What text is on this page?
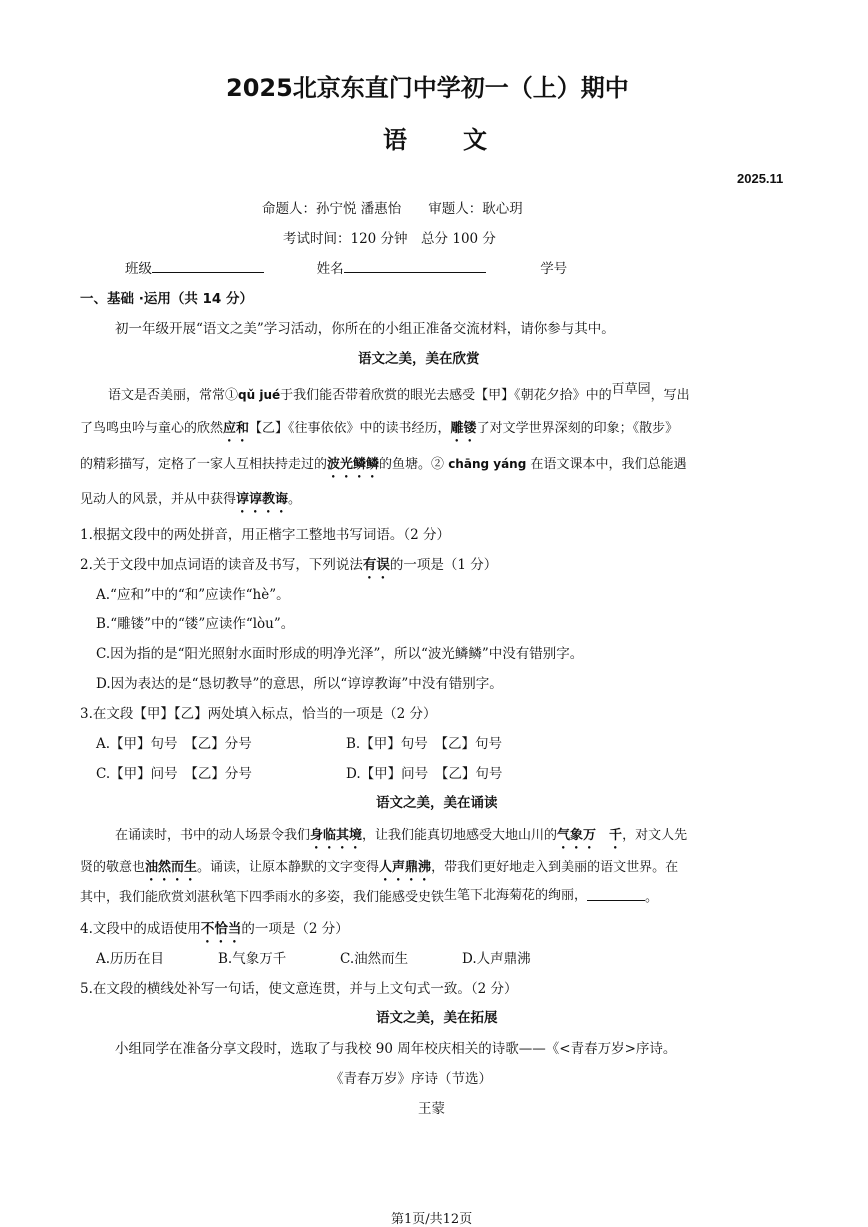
2025北京东直门中学初一（上）期中
语文
2025.11
命题人：孙宁悦 潘惠怡　　审题人：耿心玥
考试时间：120 分钟　总分 100 分
班级	姓名	学号
一、基础 ·运用（共 14 分）
初一年级开展“语文之美”学习活动，你所在的小组正准备交流材料，请你参与其中。
语文之美，美在欣赏
语文是否美丽，常常①qǔ jué于我们能否带着欣赏的眼光去感受【甲】《朝花夕拾》中的百草园，写出
了鸟鸣虫吟与童心的欣然应和【乙】《往事依依》中的读书经历，雕镂了对文学世界深刻的印象；《散步》
的精彩描写，定格了一家人互相扶持走过的波光鳞鳞的鱼塘。② chāng yáng 在语文课本中，我们总能遇
见动人的风景，并从中获得谆谆教诲。
1.根据文段中的两处拼音，用正楷字工整地书写词语。（2 分）
2.关于文段中加点词语的读音及书写，下列说法有误的一项是（1 分）
A.“应和”中的“和”应读作“hè”。
B.“雕镂”中的“镂”应读作“lòu”。
C.因为指的是“阳光照射水面时形成的明净光泽”，所以“波光鳞鳞”中没有错别字。
D.因为表达的是“恳切教导”的意思，所以“谆谆教诲”中没有错别字。
3.在文段【甲】【乙】两处填入标点，恰当的一项是（2 分）
A.【甲】句号　【乙】分号	B.【甲】句号　【乙】句号
C.【甲】问号　【乙】分号	D.【甲】问号　【乙】句号
语文之美，美在诵读
在诵读时，书中的动人场景令我们身临其境，让我们能真切地感受大地山川的气象万　千，对文人先
贤的敬意也油然而生。诵读，让原本静默的文字变得人声鼎沸，带我们更好地走入到美丽的语文世界。在
其中，我们能欣赏刘湛秋笔下四季雨水的多姿，我们能感受史铁生笔下北海菊花的绚丽，	。
4.文段中的成语使用不恰当的一项是（2 分）
A.历历在目	B.气象万千	C.油然而生	D.人声鼎沸
5.在文段的横线处补写一句话，使文意连贯，并与上文句式一致。（2 分）
语文之美，美在拓展
小组同学在准备分享文段时，选取了与我校 90 周年校庆相关的诗歌——《<青春万岁>序诗。
《青春万岁》序诗（节选）
王蒙
第1页/共12页
